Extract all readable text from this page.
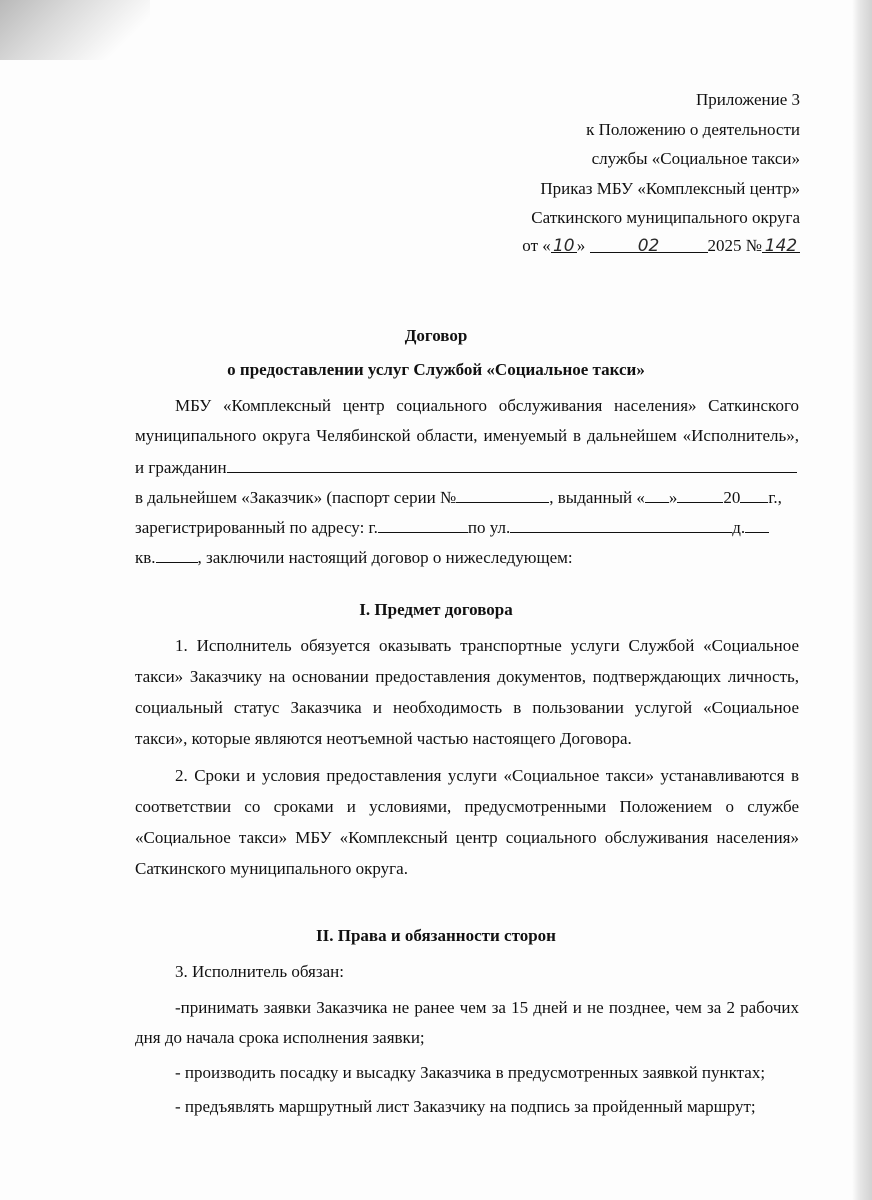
Приложение 3
к Положению о деятельности
службы «Социальное такси»
Приказ МБУ «Комплексный центр»
Саткинского муниципального округа
от « 10 »	02	2025 № 142
Договор
о предоставлении услуг Службой «Социальное такси»
МБУ «Комплексный центр социального обслуживания населения» Саткинского
муниципального округа Челябинской области, именуемый в дальнейшем «Исполнитель»,
и гражданин
в дальнейшем «Заказчик» (паспорт серии №	, выданный « »	20 г.,
зарегистрированный по адресу: г.	по ул.	д.
кв. , заключили настоящий договор о нижеследующем:
I. Предмет договора
1. Исполнитель обязуется оказывать транспортные услуги Службой «Социальное
такси» Заказчику на основании предоставления документов, подтверждающих личность,
социальный статус Заказчика и необходимость в пользовании услугой «Социальное
такси», которые являются неотъемной частью настоящего Договора.
2. Сроки и условия предоставления услуги «Социальное такси» устанавливаются в
соответствии со сроками и условиями, предусмотренными Положением о службе
«Социальное такси» МБУ «Комплексный центр социального обслуживания населения»
Саткинского муниципального округа.
II. Права и обязанности сторон
3. Исполнитель обязан:
-принимать заявки Заказчика не ранее чем за 15 дней и не позднее, чем за 2 рабочих
дня до начала срока исполнения заявки;
- производить посадку и высадку Заказчика в предусмотренных заявкой пунктах;
- предъявлять маршрутный лист Заказчику на подпись за пройденный маршрут;
